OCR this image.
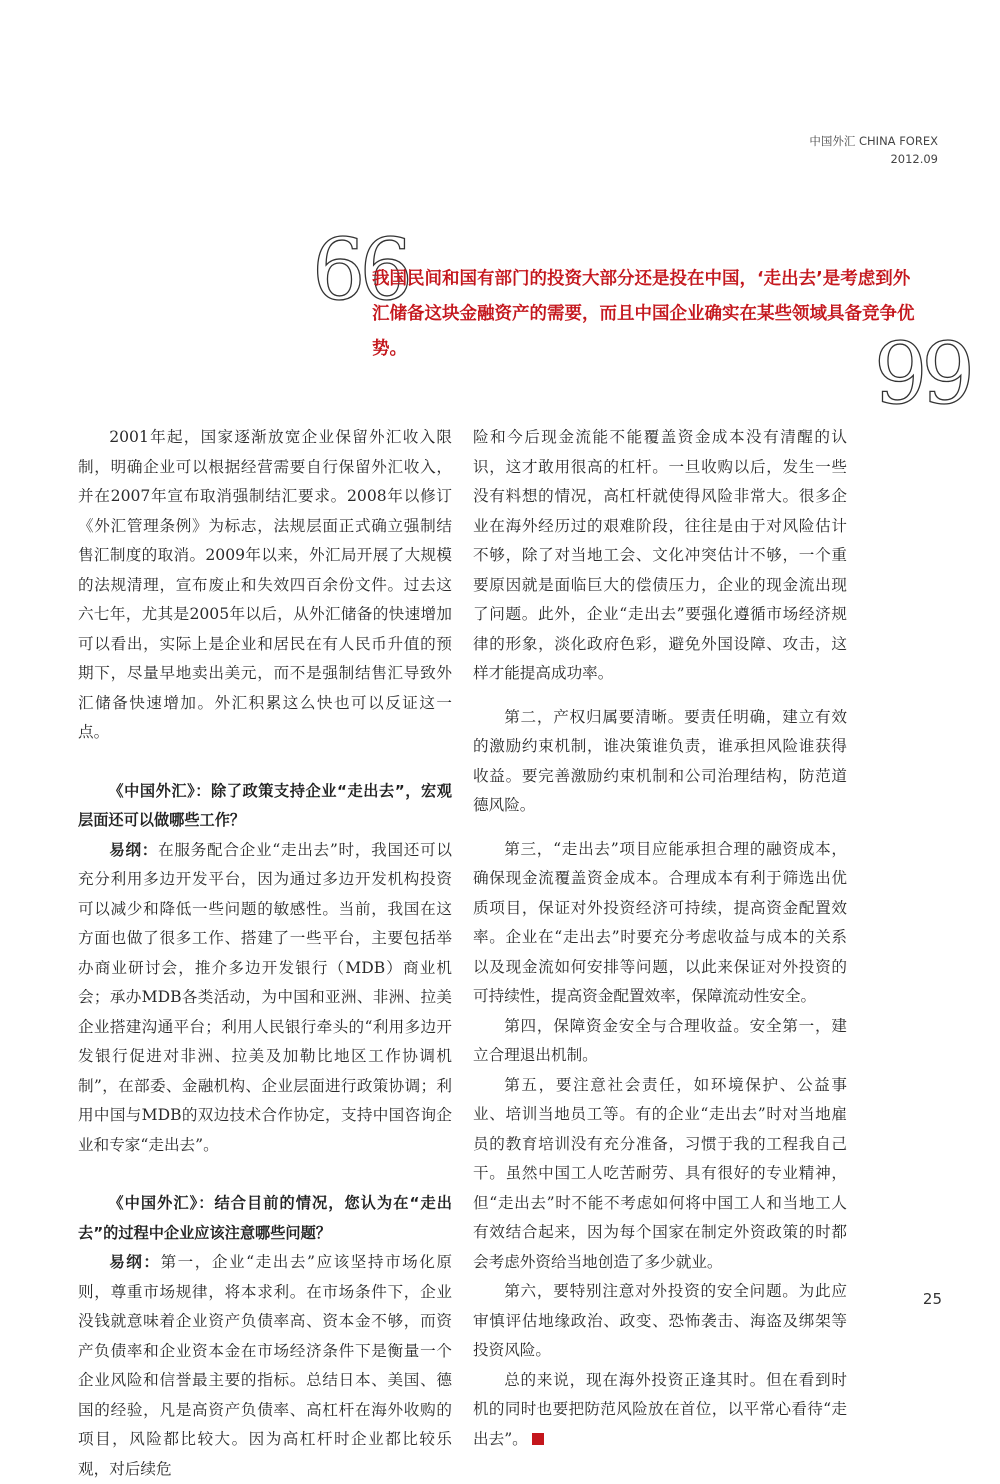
中国外汇 CHINA FOREX
2012.09
66
我国民间和国有部门的投资大部分还是投在中国，‘走出去’是考虑到外汇储备这块金融资产的需要，而且中国企业确实在某些领域具备竞争优势。	99

2001年起，国家逐渐放宽企业保留外汇收入限制，明确企业可以根据经营需要自行保留外汇收入，并在2007年宣布取消强制结汇要求。2008年以修订《外汇管理条例》为标志，法规层面正式确立强制结售汇制度的取消。2009年以来，外汇局开展了大规模的法规清理，宣布废止和失效四百余份文件。过去这六七年，尤其是2005年以后，从外汇储备的快速增加可以看出，实际上是企业和居民在有人民币升值的预期下，尽量早地卖出美元，而不是强制结售汇导致外汇储备快速增加。外汇积累这么快也可以反证这一点。

《中国外汇》：除了政策支持企业“走出去”，宏观层面还可以做哪些工作？

易纲：在服务配合企业“走出去”时，我国还可以充分利用多边开发平台，因为通过多边开发机构投资可以减少和降低一些问题的敏感性。当前，我国在这方面也做了很多工作、搭建了一些平台，主要包括举办商业研讨会，推介多边开发银行（MDB）商业机会；承办MDB各类活动，为中国和亚洲、非洲、拉美企业搭建沟通平台；利用人民银行牵头的“利用多边开发银行促进对非洲、拉美及加勒比地区工作协调机制”，在部委、金融机构、企业层面进行政策协调；利用中国与MDB的双边技术合作协定，支持中国咨询企业和专家“走出去”。

《中国外汇》：结合目前的情况，您认为在“走出去”的过程中企业应该注意哪些问题？

易纲：第一，企业“走出去”应该坚持市场化原则，尊重市场规律，将本求利。在市场条件下，企业没钱就意味着企业资产负债率高、资本金不够，而资产负债率和企业资本金在市场经济条件下是衡量一个企业风险和信誉最主要的指标。总结日本、美国、德国的经验，凡是高资产负债率、高杠杆在海外收购的项目，风险都比较大。因为高杠杆时企业都比较乐观，对后续危

险和今后现金流能不能覆盖资金成本没有清醒的认识，这才敢用很高的杠杆。一旦收购以后，发生一些没有料想的情况，高杠杆就使得风险非常大。很多企业在海外经历过的艰难阶段，往往是由于对风险估计不够，除了对当地工会、文化冲突估计不够，一个重要原因就是面临巨大的偿债压力，企业的现金流出现了问题。此外，企业“走出去”要强化遵循市场经济规律的形象，淡化政府色彩，避免外国设障、攻击，这样才能提高成功率。

第二，产权归属要清晰。要责任明确，建立有效的激励约束机制，谁决策谁负责，谁承担风险谁获得收益。要完善激励约束机制和公司治理结构，防范道德风险。

第三，“走出去”项目应能承担合理的融资成本，确保现金流覆盖资金成本。合理成本有利于筛选出优质项目，保证对外投资经济可持续，提高资金配置效率。企业在“走出去”时要充分考虑收益与成本的关系以及现金流如何安排等问题，以此来保证对外投资的可持续性，提高资金配置效率，保障流动性安全。

第四，保障资金安全与合理收益。安全第一，建立合理退出机制。

第五，要注意社会责任，如环境保护、公益事业、培训当地员工等。有的企业“走出去”时对当地雇员的教育培训没有充分准备，习惯于我的工程我自己干。虽然中国工人吃苦耐劳、具有很好的专业精神，但“走出去”时不能不考虑如何将中国工人和当地工人有效结合起来，因为每个国家在制定外资政策的时都会考虑外资给当地创造了多少就业。

第六，要特别注意对外投资的安全问题。为此应审慎评估地缘政治、政变、恐怖袭击、海盗及绑架等投资风险。

总的来说，现在海外投资正逢其时。但在看到时机的同时也要把防范风险放在首位，以平常心看待“走出去”。

25
